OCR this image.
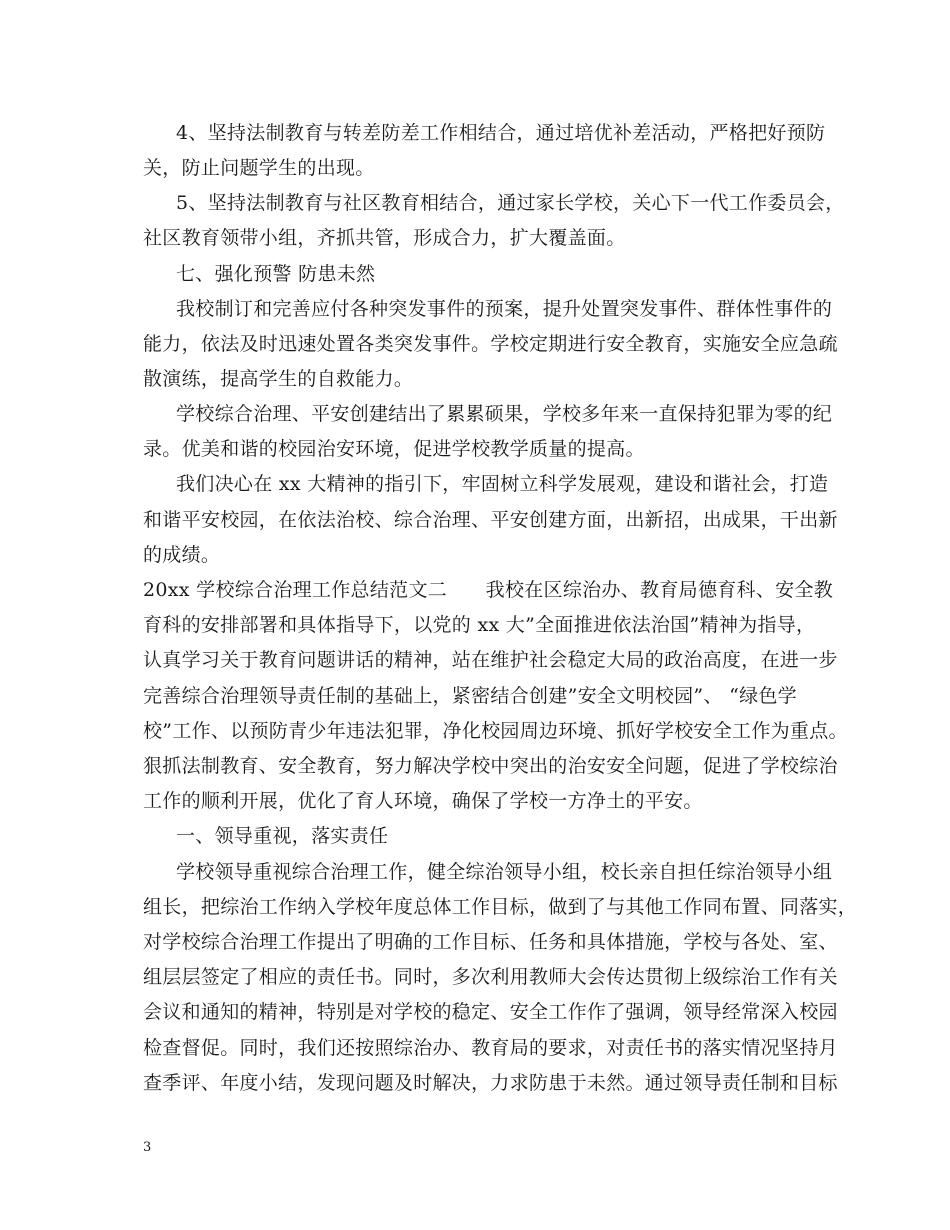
4、坚持法制教育与转差防差工作相结合，通过培优补差活动，严格把好预防
关，防止问题学生的出现。
5、坚持法制教育与社区教育相结合，通过家长学校，关心下一代工作委员会，
社区教育领带小组，齐抓共管，形成合力，扩大覆盖面。
七、强化预警 防患未然
我校制订和完善应付各种突发事件的预案，提升处置突发事件、群体性事件的
能力，依法及时迅速处置各类突发事件。学校定期进行安全教育，实施安全应急疏
散演练，提高学生的自救能力。
学校综合治理、平安创建结出了累累硕果，学校多年来一直保持犯罪为零的纪
录。优美和谐的校园治安环境，促进学校教学质量的提高。
我们决心在 xx 大精神的指引下，牢固树立科学发展观，建设和谐社会，打造
和谐平安校园，在依法治校、综合治理、平安创建方面，出新招，出成果，干出新
的成绩。
20xx 学校综合治理工作总结范文二　　我校在区综治办、教育局德育科、安全教
育科的安排部署和具体指导下，以党的 xx 大”全面推进依法治国”精神为指导，
认真学习关于教育问题讲话的精神，站在维护社会稳定大局的政治高度，在进一步
完善综合治理领导责任制的基础上，紧密结合创建”安全文明校园”、 “绿色学
校”工作、以预防青少年违法犯罪，净化校园周边环境、抓好学校安全工作为重点。
狠抓法制教育、安全教育，努力解决学校中突出的治安安全问题，促进了学校综治
工作的顺利开展，优化了育人环境，确保了学校一方净土的平安。
一、领导重视，落实责任
学校领导重视综合治理工作，健全综治领导小组，校长亲自担任综治领导小组
组长，把综治工作纳入学校年度总体工作目标，做到了与其他工作同布置、同落实，
对学校综合治理工作提出了明确的工作目标、任务和具体措施，学校与各处、室、
组层层签定了相应的责任书。同时，多次利用教师大会传达贯彻上级综治工作有关
会议和通知的精神，特别是对学校的稳定、安全工作作了强调，领导经常深入校园
检查督促。同时，我们还按照综治办、教育局的要求，对责任书的落实情况坚持月
查季评、年度小结，发现问题及时解决，力求防患于未然。通过领导责任制和目标
3
